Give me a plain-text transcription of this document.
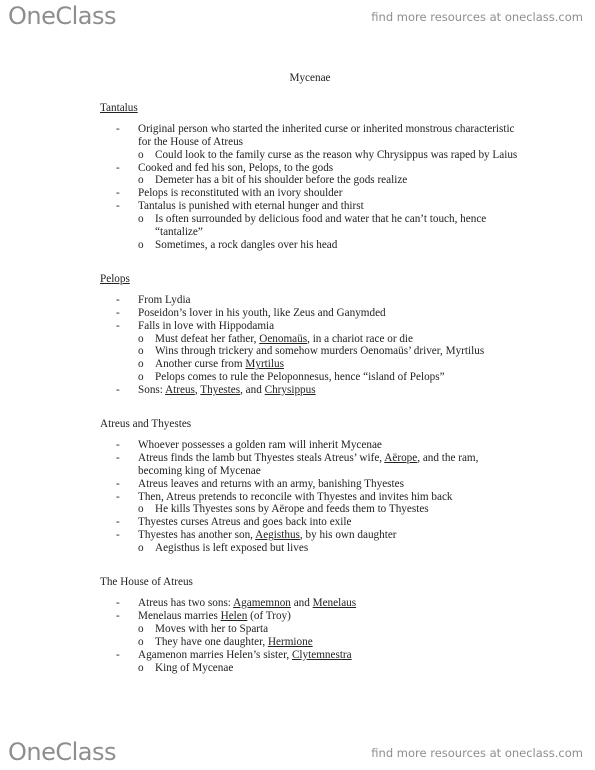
OneClass	find more resources at oneclass.com
Mycenae
Tantalus
- Original person who started the inherited curse or inherited monstrous characteristic for the House of Atreus
o Could look to the family curse as the reason why Chrysippus was raped by Laius
- Cooked and fed his son, Pelops, to the gods
o Demeter has a bit of his shoulder before the gods realize
- Pelops is reconstituted with an ivory shoulder
- Tantalus is punished with eternal hunger and thirst
o Is often surrounded by delicious food and water that he can’t touch, hence “tantalize”
o Sometimes, a rock dangles over his head
Pelops
- From Lydia
- Poseidon’s lover in his youth, like Zeus and Ganymded
- Falls in love with Hippodamia
o Must defeat her father, Oenomaüs, in a chariot race or die
o Wins through trickery and somehow murders Oenomaüs’ driver, Myrtilus
o Another curse from Myrtilus
o Pelops comes to rule the Peloponnesus, hence “island of Pelops”
- Sons: Atreus, Thyestes, and Chrysippus
Atreus and Thyestes
- Whoever possesses a golden ram will inherit Mycenae
- Atreus finds the lamb but Thyestes steals Atreus’ wife, Aërope, and the ram, becoming king of Mycenae
- Atreus leaves and returns with an army, banishing Thyestes
- Then, Atreus pretends to reconcile with Thyestes and invites him back
o He kills Thyestes sons by Aërope and feeds them to Thyestes
- Thyestes curses Atreus and goes back into exile
- Thyestes has another son, Aegisthus, by his own daughter
o Aegisthus is left exposed but lives
The House of Atreus
- Atreus has two sons: Agamemnon and Menelaus
- Menelaus marries Helen (of Troy)
o Moves with her to Sparta
o They have one daughter, Hermione
- Agamenon marries Helen’s sister, Clytemnestra
o King of Mycenae
OneClass	find more resources at oneclass.com
